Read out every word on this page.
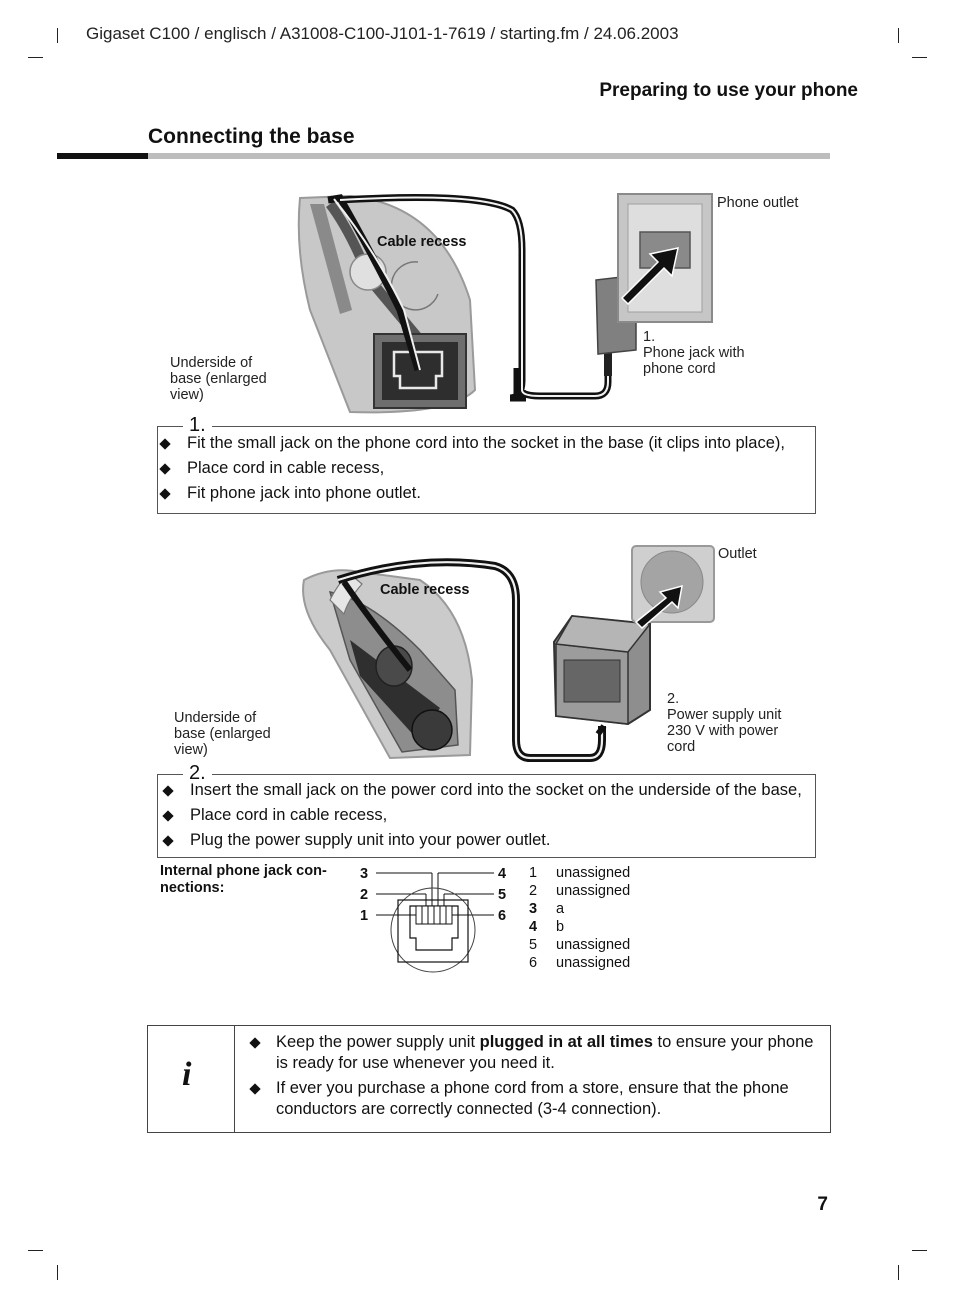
Gigaset C100 / englisch / A31008-C100-J101-1-7619 / starting.fm / 24.06.2003
Preparing to use your phone
Connecting the base
Phone outlet
Cable recess
Underside of
base (enlarged
view)
1.
Phone jack with
phone cord
1.
Fit the small jack on the phone cord into the socket in the base (it clips into place),
Place cord in cable recess,
Fit phone jack into phone outlet.
Outlet
Cable recess
Underside of
base (enlarged
view)
2.
Power supply unit
230 V with power
cord
2.
Insert the small jack on the power cord into the socket on the underside of the base,
Place cord in cable recess,
Plug the power supply unit into your power outlet.
Internal phone jack con-
nections:
3
2
1
4
5
6
1
2
3
4
5
6
unassigned
unassigned
a
b
unassigned
unassigned
i
Keep the power supply unit plugged in at all times to ensure your phone is ready for use whenever you need it.
If ever you purchase a phone cord from a store, ensure that the phone conductors are correctly connected (3-4 connection).
7
